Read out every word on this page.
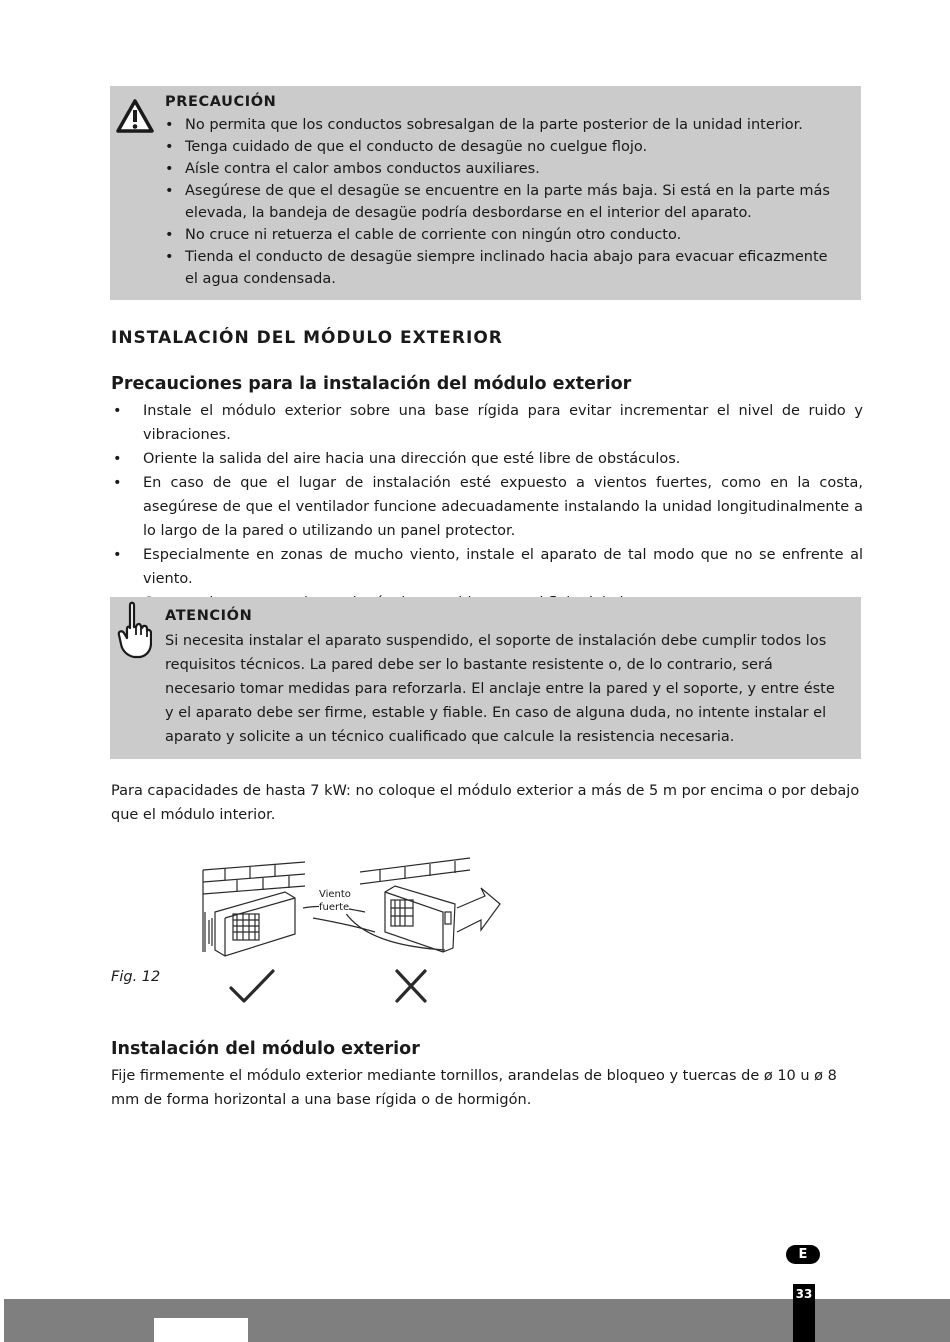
PRECAUCIÓN
• No permita que los conductos sobresalgan de la parte posterior de la unidad interior.
• Tenga cuidado de que el conducto de desagüe no cuelgue flojo.
• Aísle contra el calor ambos conductos auxiliares.
• Asegúrese de que el desagüe se encuentre en la parte más baja. Si está en la parte más elevada, la bandeja de desagüe podría desbordarse en el interior del aparato.
• No cruce ni retuerza el cable de corriente con ningún otro conducto.
• Tienda el conducto de desagüe siempre inclinado hacia abajo para evacuar eficazmente el agua condensada.
INSTALACIÓN DEL MÓDULO EXTERIOR
Precauciones para la instalación del módulo exterior
• Instale el módulo exterior sobre una base rígida para evitar incrementar el nivel de ruido y vibraciones.
• Oriente la salida del aire hacia una dirección que esté libre de obstáculos.
• En caso de que el lugar de instalación esté expuesto a vientos fuertes, como en la costa, asegúrese de que el ventilador funcione adecuadamente instalando la unidad longitudinalmente a lo largo de la pared o utilizando un panel protector.
• Especialmente en zonas de mucho viento, instale el aparato de tal modo que no se enfrente al viento.
•
ATENCIÓN
Si necesita instalar el aparato suspendido, el soporte de instalación debe cumplir todos los requisitos técnicos. La pared debe ser lo bastante resistente o, de lo contrario, será necesario tomar medidas para reforzarla. El anclaje entre la pared y el soporte, y entre éste y el aparato debe ser firme, estable y fiable. En caso de alguna duda, no intente instalar el aparato y solicite a un técnico cualificado que calcule la resistencia necesaria.
Para capacidades de hasta 7 kW: no coloque el módulo exterior a más de 5 m por encima o por debajo que el módulo interior.
Viento
fuerte
Fig. 12
Instalación del módulo exterior
Fije firmemente el módulo exterior mediante tornillos, arandelas de bloqueo y tuercas de ø 10 u ø 8 mm de forma horizontal a una base rígida o de hormigón.
E
33
